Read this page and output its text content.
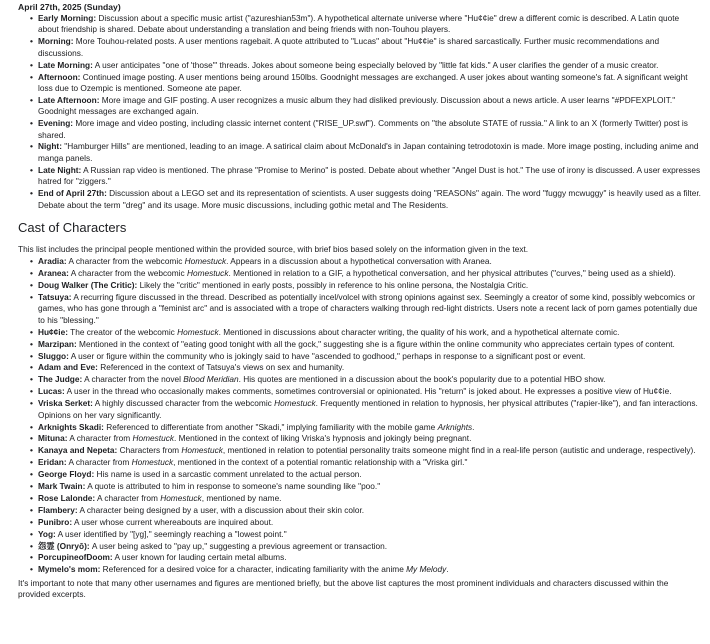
April 27th, 2025 (Sunday)

• Early Morning: Discussion about a specific music artist ("azureshian53m"). A hypothetical alternate universe where "Hu¢¢ie" drew a different comic is described. A Latin quote about friendship is shared. Debate about understanding a translation and being friends with non-Touhou players.
• Morning: More Touhou-related posts. A user mentions ragebait. A quote attributed to "Lucas" about "Hu¢¢ie" is shared sarcastically. Further music recommendations and discussions.
• Late Morning: A user anticipates "one of 'those'" threads. Jokes about someone being especially beloved by "little fat kids." A user clarifies the gender of a music creator.
• Afternoon: Continued image posting. A user mentions being around 150lbs. Goodnight messages are exchanged. A user jokes about wanting someone's fat. A significant weight loss due to Ozempic is mentioned. Someone ate paper.
• Late Afternoon: More image and GIF posting. A user recognizes a music album they had disliked previously. Discussion about a news article. A user learns "#PDFEXPLOIT." Goodnight messages are exchanged again.
• Evening: More image and video posting, including classic internet content ("RISE_UP.swf"). Comments on "the absolute STATE of russia." A link to an X (formerly Twitter) post is shared.
• Night: "Hamburger Hills" are mentioned, leading to an image. A satirical claim about McDonald's in Japan containing tetrodotoxin is made. More image posting, including anime and manga panels.
• Late Night: A Russian rap video is mentioned. The phrase "Promise to Merino" is posted. Debate about whether "Angel Dust is hot." The use of irony is discussed. A user expresses hatred for "ziggers."
• End of April 27th: Discussion about a LEGO set and its representation of scientists. A user suggests doing "REASONs" again. The word "fuggy mcwuggy" is heavily used as a filter. Debate about the term "dreg" and its usage. More music discussions, including gothic metal and The Residents.
Cast of Characters

This list includes the principal people mentioned within the provided source, with brief bios based solely on the information given in the text.

• Aradia: A character from the webcomic Homestuck. Appears in a discussion about a hypothetical conversation with Aranea.
• Aranea: A character from the webcomic Homestuck. Mentioned in relation to a GIF, a hypothetical conversation, and her physical attributes ("curves," being used as a shield).
• Doug Walker (The Critic): Likely the "critic" mentioned in early posts, possibly in reference to his online persona, the Nostalgia Critic.
• Tatsuya: A recurring figure discussed in the thread. Described as potentially incel/volcel with strong opinions against sex. Seemingly a creator of some kind, possibly webcomics or games, who has gone through a "feminist arc" and is associated with a trope of characters walking through red-light districts. Users note a recent lack of porn games potentially due to his "blessing."
• Hu¢¢ie: The creator of the webcomic Homestuck. Mentioned in discussions about character writing, the quality of his work, and a hypothetical alternate comic.
• Marzipan: Mentioned in the context of "eating good tonight with all the gock," suggesting she is a figure within the online community who appreciates certain types of content.
• Sluggo: A user or figure within the community who is jokingly said to have "ascended to godhood," perhaps in response to a significant post or event.
• Adam and Eve: Referenced in the context of Tatsuya's views on sex and humanity.
• The Judge: A character from the novel Blood Meridian. His quotes are mentioned in a discussion about the book's popularity due to a potential HBO show.
• Lucas: A user in the thread who occasionally makes comments, sometimes controversial or opinionated. His "return" is joked about. He expresses a positive view of Hu¢¢ie.
• Vriska Serket: A highly discussed character from the webcomic Homestuck. Frequently mentioned in relation to hypnosis, her physical attributes ("rapier-like"), and fan interactions. Opinions on her vary significantly.
• Arknights Skadi: Referenced to differentiate from another "Skadi," implying familiarity with the mobile game Arknights.
• Mituna: A character from Homestuck. Mentioned in the context of liking Vriska's hypnosis and jokingly being pregnant.
• Kanaya and Nepeta: Characters from Homestuck, mentioned in relation to potential personality traits someone might find in a real-life person (autistic and underage, respectively).
• Eridan: A character from Homestuck, mentioned in the context of a potential romantic relationship with a "Vriska girl."
• George Floyd: His name is used in a sarcastic comment unrelated to the actual person.
• Mark Twain: A quote is attributed to him in response to someone's name sounding like "poo."
• Rose Lalonde: A character from Homestuck, mentioned by name.
• Flambery: A character being designed by a user, with a discussion about their skin color.
• Punibro: A user whose current whereabouts are inquired about.
• Yog: A user identified by "[yg]," seemingly reaching a "lowest point."
• 怨霊 (Onryō): A user being asked to "pay up," suggesting a previous agreement or transaction.
• PorcupineofDoom: A user known for lauding certain metal albums.
• Mymelo's mom: Referenced for a desired voice for a character, indicating familiarity with the anime My Melody.

It's important to note that many other usernames and figures are mentioned briefly, but the above list captures the most prominent individuals and characters discussed within the provided excerpts.
